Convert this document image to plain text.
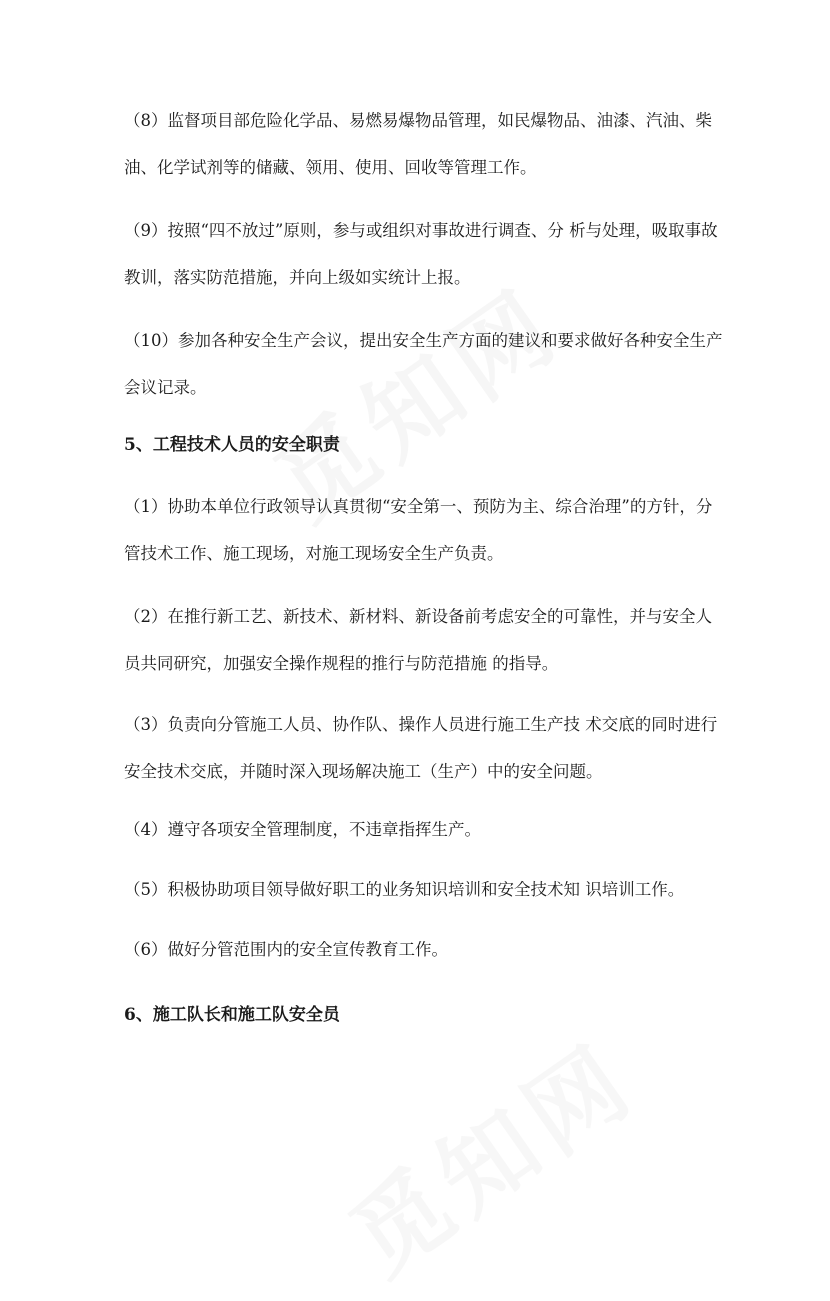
（8）监督项目部危险化学品、易燃易爆物品管理，如民爆物品、油漆、汽油、柴油、化学试剂等的储藏、领用、使用、回收等管理工作。

（9）按照“四不放过”原则，参与或组织对事故进行调查、分 析与处理，吸取事故教训，落实防范措施，并向上级如实统计上报。

（10）参加各种安全生产会议，提出安全生产方面的建议和要求做好各种安全生产会议记录。

5、工程技术人员的安全职责

（1）协助本单位行政领导认真贯彻“安全第一、预防为主、综合治理”的方针，分管技术工作、施工现场，对施工现场安全生产负责。

（2）在推行新工艺、新技术、新材料、新设备前考虑安全的可靠性，并与安全人员共同研究，加强安全操作规程的推行与防范措施 的指导。

（3）负责向分管施工人员、协作队、操作人员进行施工生产技 术交底的同时进行安全技术交底，并随时深入现场解决施工（生产）中的安全问题。

（4）遵守各项安全管理制度，不违章指挥生产。

（5）积极协助项目领导做好职工的业务知识培训和安全技术知 识培训工作。

（6）做好分管范围内的安全宣传教育工作。

6、施工队长和施工队安全员
